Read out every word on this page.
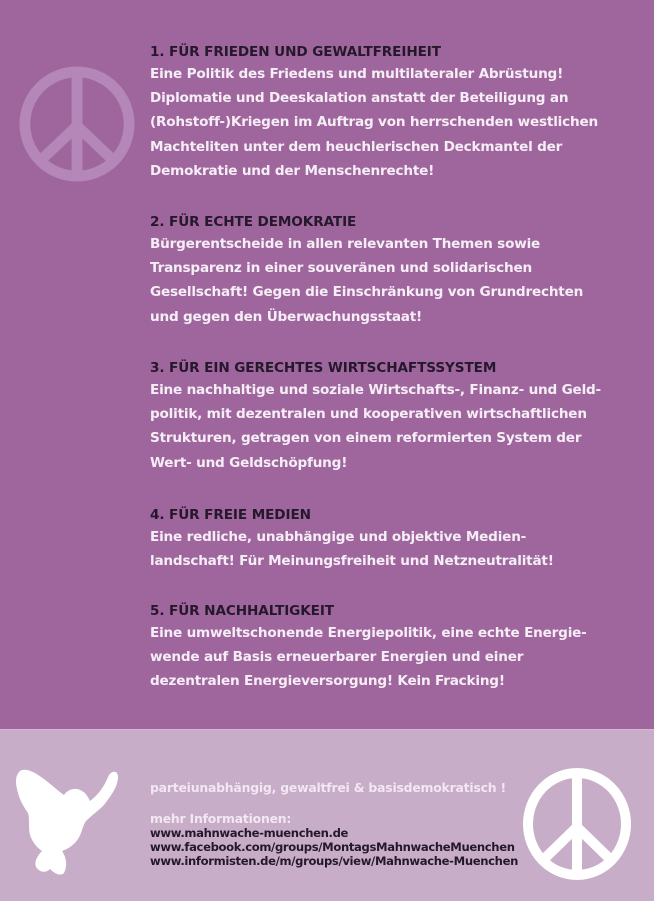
1. FÜR FRIEDEN UND GEWALTFREIHEIT
Eine Politik des Friedens und multilateraler Abrüstung!
Diplomatie und Deeskalation anstatt der Beteiligung an
(Rohstoff-)Kriegen im Auftrag von herrschenden westlichen
Machteliten unter dem heuchlerischen Deckmantel der
Demokratie und der Menschenrechte!
2. FÜR ECHTE DEMOKRATIE
Bürgerentscheide in allen relevanten Themen sowie
Transparenz in einer souveränen und solidarischen
Gesellschaft! Gegen die Einschränkung von Grundrechten
und gegen den Überwachungsstaat!
3. FÜR EIN GERECHTES WIRTSCHAFTSSYSTEM
Eine nachhaltige und soziale Wirtschafts-, Finanz- und Geld-
politik, mit dezentralen und kooperativen wirtschaftlichen
Strukturen, getragen von einem reformierten System der
Wert- und Geldschöpfung!
4. FÜR FREIE MEDIEN
Eine redliche, unabhängige und objektive Medien-
landschaft! Für Meinungsfreiheit und Netzneutralität!
5. FÜR NACHHALTIGKEIT
Eine umweltschonende Energiepolitik, eine echte Energie-
wende auf Basis erneuerbarer Energien und einer
dezentralen Energieversorgung! Kein Fracking!
parteiunabhängig, gewaltfrei & basisdemokratisch !
mehr Informationen:
www.mahnwache-muenchen.de
www.facebook.com/groups/MontagsMahnwacheMuenchen
www.informisten.de/m/groups/view/Mahnwache-Muenchen
